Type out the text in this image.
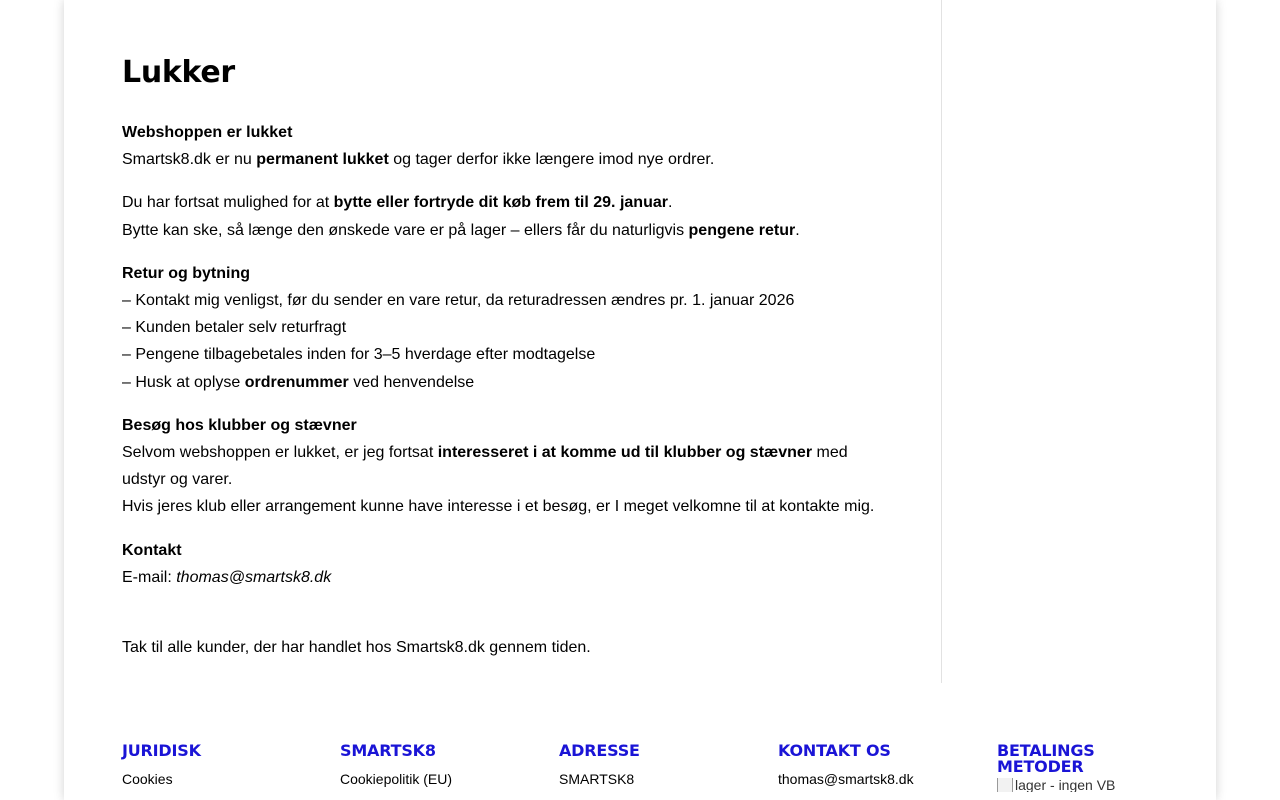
Lukker

Webshoppen er lukket

Smartsk8.dk er nu permanent lukket og tager derfor ikke længere imod nye ordrer.

Du har fortsat mulighed for at bytte eller fortryde dit køb frem til 29. januar.

Bytte kan ske, så længe den ønskede vare er på lager – ellers får du naturligvis pengene retur.

Retur og bytning

– Kontakt mig venligst, før du sender en vare retur, da returadressen ændres pr. 1. januar 2026

– Kunden betaler selv returfragt

– Pengene tilbagebetales inden for 3–5 hverdage efter modtagelse

– Husk at oplyse ordrenummer ved henvendelse

Besøg hos klubber og stævner

Selvom webshoppen er lukket, er jeg fortsat interesseret i at komme ud til klubber og stævner med udstyr og varer.

Hvis jeres klub eller arrangement kunne have interesse i et besøg, er I meget velkomne til at kontakte mig.

Kontakt

E-mail: thomas@smartsk8.dk

Tak til alle kunder, der har handlet hos Smartsk8.dk gennem tiden.

JURIDISK
Cookies
SMARTSK8
Cookiepolitik (EU)
ADRESSE
SMARTSK8
KONTAKT OS
thomas@smartsk8.dk
BETALINGS METODER
lager - ingen VB
